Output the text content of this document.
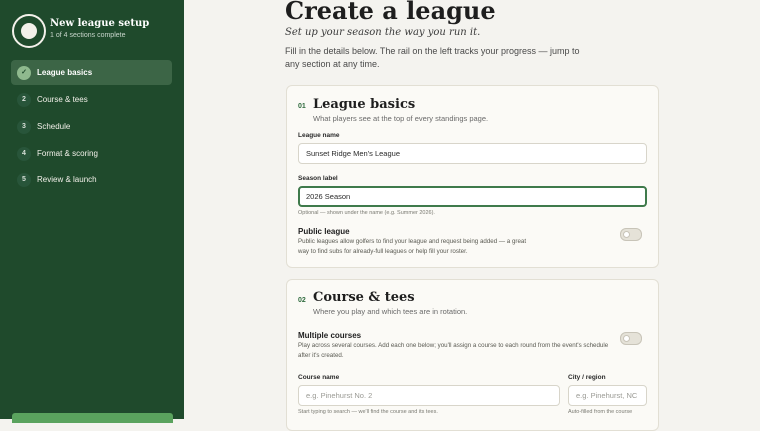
New league setup
1 of 4 sections complete
✓	League basics
2	Course & tees
3	Schedule
4	Format & scoring
5	Review & launch
Create a league
Set up your season the way you run it.
Fill in the details below. The rail on the left tracks your progress — jump to any section at any time.
01 League basics
What players see at the top of every standings page.
League name
Sunset Ridge Men's League
Season label
2026 Season
Optional — shown under the name (e.g. Summer 2026).
Public league
Public leagues allow golfers to find your league and request being added — a great way to find subs for already-full leagues or help fill your roster.
02 Course & tees
Where you play and which tees are in rotation.
Multiple courses
Play across several courses. Add each one below; you'll assign a course to each round from the event's schedule after it's created.
Course name
e.g. Pinehurst No. 2
Start typing to search — we'll find the course and its tees.
City / region
e.g. Pinehurst, NC
Auto-filled from the course
